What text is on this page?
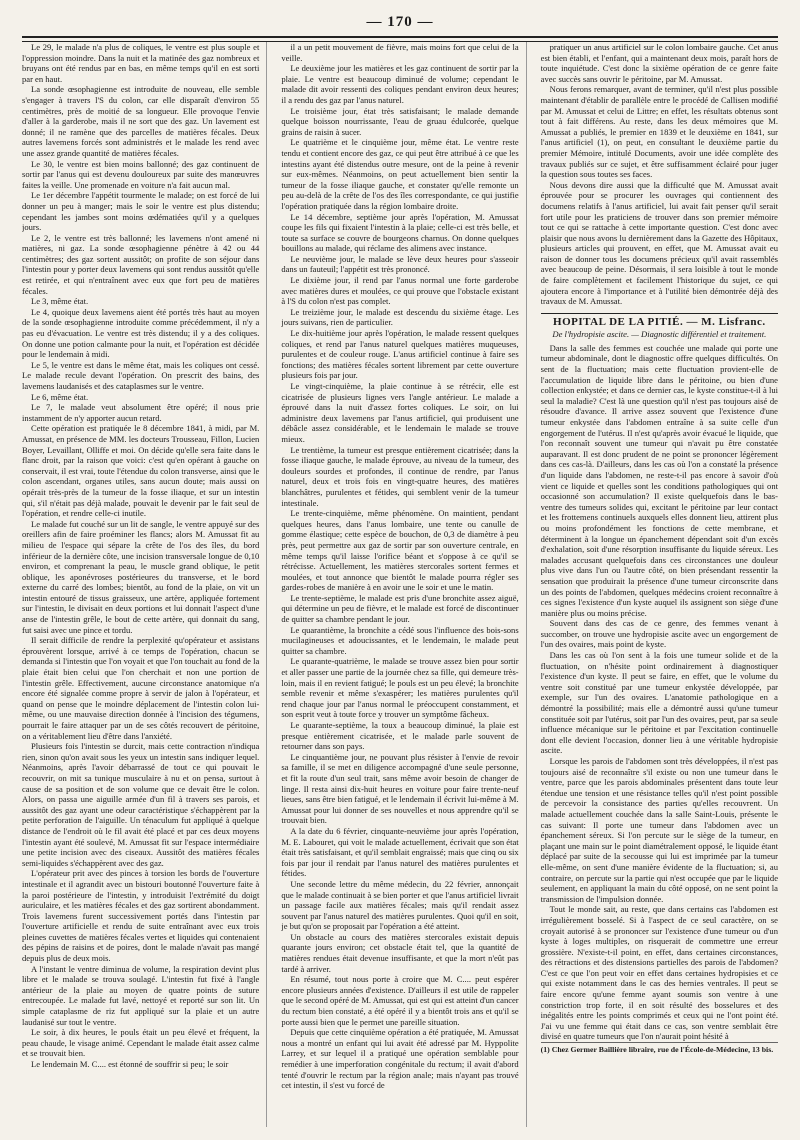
— 170 —

Le 29, le malade n'a plus de coliques, le ventre est plus souple et l'oppression moindre. Dans la nuit et la matinée des gaz nombreux et bruyans ont été rendus par en bas, en même temps qu'il en est sorti par en haut.

La sonde œsophagienne est introduite de nouveau, elle semble s'engager à travers l'S du colon, car elle disparaît d'environ 55 centimètres, près de moitié de sa longueur. Elle provoque l'envie d'aller à la garderobe, mais il ne sort que des gaz. Un lavement est donné; il ne ramène que des parcelles de matières fécales. Deux autres lavemens forcés sont administrés et le malade les rend avec une assez grande quantité de matières fécales.

Le 30, le ventre est bien moins ballonné; des gaz continuent de sortir par l'anus qui est devenu douloureux par suite des manœuvres faites la veille. Une promenade en voiture n'a fait aucun mal.

Le 1er décembre l'appétit tourmente le malade; on est forcé de lui donner un peu à manger; mais le soir le ventre est plus distendu; cependant les jambes sont moins œdématiées qu'il y a quelques jours.

Le 2, le ventre est très ballonné; les lavemens n'ont amené ni matières, ni gaz. La sonde œsophagienne pénètre à 42 ou 44 centimètres; des gaz sortent aussitôt; on profite de son séjour dans l'intestin pour y porter deux lavemens qui sont rendus aussitôt qu'elle est retirée, et qui n'entraînent avec eux que fort peu de matières fécales.

Le 3, même état.

Le 4, quoique deux lavemens aient été portés très haut au moyen de la sonde œsophagienne introduite comme précédemment, il n'y a pas eu d'évacuation. Le ventre est très distendu; il y a des coliques. On donne une potion calmante pour la nuit, et l'opération est décidée pour le lendemain à midi.

Le 5, le ventre est dans le même état, mais les coliques ont cessé. Le malade recule devant l'opération. On prescrit des bains, des lavemens laudanisés et des cataplasmes sur le ventre.

Le 6, même état.

Le 7, le malade veut absolument être opéré; il nous prie instamment de n'y apporter aucun retard.

Cette opération est pratiquée le 8 décembre 1841, à midi, par M. Amussat, en présence de MM. les docteurs Trousseau, Fillon, Lucien Boyer, Levaillant, Olliffe et moi. On décide qu'elle sera faite dans le flanc droit, par la raison que voici: c'est qu'en opérant à gauche on conservait, il est vrai, toute l'étendue du colon transverse, ainsi que le colon ascendant, organes utiles, sans aucun doute; mais aussi on opérait très-près de la tumeur de la fosse iliaque, et sur un intestin qui, s'il n'était pas déjà malade, pouvait le devenir par le fait seul de l'opération, et rendre celle-ci inutile.

Le malade fut couché sur un lit de sangle, le ventre appuyé sur des oreillers afin de faire proéminer les flancs; alors M. Amussat fit au milieu de l'espace qui sépare la crête de l'os des îles, du bord inférieur de la dernière côte, une incision transversale longue de 0,10 environ, et comprenant la peau, le muscle grand oblique, le petit oblique, les aponévroses postérieures du transverse, et le bord externe du carré des lombes; bientôt, au fond de la plaie, on vit un intestin entouré de tissus graisseux, une artère, appliquée fortement sur l'intestin, le divisait en deux portions et lui donnait l'aspect d'une anse de l'intestin grêle, le bout de cette artère, qui donnait du sang, fut saisi avec une pince et tordu.

Il serait difficile de rendre la perplexité qu'opérateur et assistans éprouvèrent lorsque, arrivé à ce temps de l'opération, chacun se demanda si l'intestin que l'on voyait et que l'on touchait au fond de la plaie était bien celui que l'on cherchait et non une portion de l'intestin grêle. Effectivement, aucune circonstance anatomique n'a encore été signalée comme propre à servir de jalon à l'opérateur, et quand on pense que le moindre déplacement de l'intestin colon lui-même, ou une mauvaise direction donnée à l'incision des tégumens, pourrait le faire attaquer par un de ses côtés recouvert de péritoine, on a véritablement lieu d'être dans l'anxiété.

Plusieurs fois l'intestin se durcit, mais cette contraction n'indiqua rien, sinon qu'on avait sous les yeux un intestin sans indiquer lequel. Néanmoins, après l'avoir débarrassé de tout ce qui pouvait le recouvrir, on mit sa tunique musculaire à nu et on pensa, surtout à cause de sa position et de son volume que ce devait être le colon. Alors, on passa une aiguille armée d'un fil à travers ses parois, et aussitôt des gaz ayant une odeur caractéristique s'échappèrent par la petite perforation de l'aiguille. Un ténaculum fut appliqué à quelque distance de l'endroit où le fil avait été placé et par ces deux moyens l'intestin ayant été soulevé, M. Amussat fit sur l'espace intermédiaire une petite incision avec des ciseaux. Aussitôt des matières fécales semi-liquides s'échappèrent avec des gaz.

L'opérateur prit avec des pinces à torsion les bords de l'ouverture intestinale et il agrandit avec un bistouri boutonné l'ouverture faite à la paroi postérieure de l'intestin, y introduisit l'extrémité du doigt auriculaire, et les matières fécales et des gaz sortirent abondamment. Trois lavemens furent successivement portés dans l'intestin par l'ouverture artificielle et rendu de suite entraînant avec eux trois pleines cuvettes de matières fécales vertes et liquides qui contenaient des pépins de raisins et de poires, dont le malade n'avait pas mangé depuis plus de deux mois.

A l'instant le ventre diminua de volume, la respiration devint plus libre et le malade se trouva soulagé. L'intestin fut fixé à l'angle antérieur de la plaie au moyen de quatre points de suture entrecoupée. Le malade fut lavé, nettoyé et reporté sur son lit. Un simple cataplasme de riz fut appliqué sur la plaie et un autre laudanisé sur tout le ventre.

Le soir, à dix heures, le pouls était un peu élevé et fréquent, la peau chaude, le visage animé. Cependant le malade était assez calme et se trouvait bien.

Le lendemain M. C.... est étonné de souffrir si peu; le soir

il a un petit mouvement de fièvre, mais moins fort que celui de la veille.

Le deuxième jour les matières et les gaz continuent de sortir par la plaie. Le ventre est beaucoup diminué de volume; cependant le malade dit avoir ressenti des coliques pendant environ deux heures; il a rendu des gaz par l'anus naturel.

Le troisième jour, état très satisfaisant; le malade demande quelque boisson nourrissante, l'eau de gruau édulcorée, quelque grains de raisin à sucer.

Le quatrième et le cinquième jour, même état. Le ventre reste tendu et contient encore des gaz, ce qui peut être attribué à ce que les intestins ayant été distendus outre mesure, ont de la peine à revenir sur eux-mêmes. Néanmoins, on peut actuellement bien sentir la tumeur de la fosse iliaque gauche, et constater qu'elle remonte un peu au-delà de la crête de l'os des îles correspondante, ce qui justifie l'opération pratiquée dans la région lombaire droite.

Le 14 décembre, septième jour après l'opération, M. Amussat coupe les fils qui fixaient l'intestin à la plaie; celle-ci est très belle, et toute sa surface se couvre de bourgeons charnus. On donne quelques bouillons au malade, qui réclame des alimens avec instance.

Le neuvième jour, le malade se lève deux heures pour s'asseoir dans un fauteuil; l'appétit est très prononcé.

Le dixième jour, il rend par l'anus normal une forte garderobe avec matières dures et moulées, ce qui prouve que l'obstacle existant à l'S du colon n'est pas complet.

Le treizième jour, le malade est descendu du sixième étage. Les jours suivans, rien de particulier.

Le dix-huitième jour après l'opération, le malade ressent quelques coliques, et rend par l'anus naturel quelques matières muqueuses, purulentes et de couleur rouge. L'anus artificiel continue à faire ses fonctions; des matières fécales sortent librement par cette ouverture plusieurs fois par jour.

Le vingt-cinquième, la plaie continue à se rétrécir, elle est cicatrisée de plusieurs lignes vers l'angle antérieur. Le malade a éprouvé dans la nuit d'assez fortes coliques. Le soir, on lui administre deux lavemens par l'anus artificiel, qui produisent une débâcle assez considérable, et le lendemain le malade se trouve mieux.

Le trentième, la tumeur est presque entièrement cicatrisée; dans la fosse iliaque gauche, le malade éprouve, au niveau de la tumeur, des douleurs sourdes et profondes, il continue de rendre, par l'anus naturel, deux et trois fois en vingt-quatre heures, des matières blanchâtres, purulentes et fétides, qui semblent venir de la tumeur intestinale.

Le trente-cinquième, même phénomène. On maintient, pendant quelques heures, dans l'anus lombaire, une tente ou canulle de gomme élastique; cette espèce de bouchon, de 0,3 de diamètre à peu près, peut permettre aux gaz de sortir par son ouverture centrale, en même temps qu'il laisse l'orifice béant et s'oppose à ce qu'il se rétrécisse. Actuellement, les matières stercorales sortent fermes et moulées, et tout annonce que bientôt le malade pourra régler ses gardes-robes de manière à en avoir une le soir et une le matin.

Le trente-septième, le malade est pris d'une bronchite assez aiguë, qui détermine un peu de fièvre, et le malade est forcé de discontinuer de quitter sa chambre pendant le jour.

Le quarantième, la bronchite a cédé sous l'influence des bois-sons mucilagineuses et adoucissantes, et le lendemain, le malade peut quitter sa chambre.

Le quarante-quatrième, le malade se trouve assez bien pour sortir et aller passer une partie de la journée chez sa fille, qui demeure très-loin, mais il en revient fatigué; le pouls est un peu élevé; la bronchite semble revenir et même s'exaspérer; les matières purulentes qu'il rend chaque jour par l'anus normal le préoccupent constamment, et son esprit veut à toute force y trouver un symptôme fâcheux.

Le quarante-septième, la toux a beaucoup diminué, la plaie est presque entièrement cicatrisée, et le malade parle souvent de retourner dans son pays.

Le cinquantième jour, ne pouvant plus résister à l'envie de revoir sa famille, il se met en diligence accompagné d'une seule personne, et fit la route d'un seul trait, sans même avoir besoin de changer de linge. Il resta ainsi dix-huit heures en voiture pour faire trente-neuf lieues, sans être bien fatigué, et le lendemain il écrivit lui-même à M. Amussat pour lui donner de ses nouvelles et nous apprendre qu'il se trouvait bien.

A la date du 6 février, cinquante-neuvième jour après l'opération, M. E. Labouret, qui voit le malade actuellement, écrivait que son état était très satisfaisant, et qu'il semblait engraissé; mais que cinq ou six fois par jour il rendait par l'anus naturel des matières purulentes et fétides.

Une seconde lettre du même médecin, du 22 février, annonçait que le malade continuait à se bien porter et que l'anus artificiel livrait un passage facile aux matières fécales; mais qu'il rendait assez souvent par l'anus naturel des matières purulentes. Quoi qu'il en soit, je but qu'on se proposait par l'opération a été atteint.

Un obstacle au cours des matières stercorales existait depuis quarante jours environ; cet obstacle était tel, que la quantité de matières rendues était devenue insuffisante, et que la mort n'eût pas tardé à arriver.

En résumé, tout nous porte à croire que M. C.... peut espérer encore plusieurs années d'existence. D'ailleurs il est utile de rappeler que le second opéré de M. Amussat, qui est qui est atteint d'un cancer du rectum bien constaté, a été opéré il y a bientôt trois ans et qu'il se porte aussi bien que le permet une pareille situation.

Depuis que cette cinquième opération a été pratiquée, M. Amussat nous a montré un enfant qui lui avait été adressé par M. Hyppolite Larrey, et sur lequel il a pratiqué une opération semblable pour remédier à une imperforation congénitale du rectum; il avait d'abord tenté d'ouvrir le rectum par la région anale; mais n'ayant pas trouvé cet intestin, il s'est vu forcé de

pratiquer un anus artificiel sur le colon lombaire gauche. Cet anus est bien établi, et l'enfant, qui a maintenant deux mois, paraît hors de toute inquiétude. C'est donc la sixième opération de ce genre faite avec succès sans ouvrir le péritoine, par M. Amussat.

Nous ferons remarquer, avant de terminer, qu'il n'est plus possible maintenant d'établir de parallèle entre le procédé de Callisen modifié par M. Amussat et celui de Littre; en effet, les résultats obtenus sont tout à fait différens. Au reste, dans les deux mémoires que M. Amussat a publiés, le premier en 1839 et le deuxième en 1841, sur l'anus artificiel (1), on peut, en consultant le deuxième partie du premier Mémoire, intitulé Documents, avoir une idée complète des travaux publiés sur ce sujet, et être suffisamment éclairé pour juger la question sous toutes ses faces.

Nous devons dire aussi que la difficulté que M. Amussat avait éprouvée pour se procurer les ouvrages qui contiennent des documens relatifs à l'anus artificiel, lui avait fait penser qu'il serait fort utile pour les praticiens de trouver dans son premier mémoire tout ce qui se rattache à cette importante question. C'est donc avec plaisir que nous avons lu dernièrement dans la Gazette des Hôpitaux, plusieurs articles qui prouvent, en effet, que M. Amussat avait eu raison de donner tous les documens précieux qu'il avait rassemblés avec beaucoup de peine. Désormais, il sera loisible à tout le monde de faire complètement et facilement l'historique du sujet, ce qui ajoutera encore à l'importance et à l'utilité bien démontrée déjà des travaux de M. Amussat.

HOPITAL DE LA PITIÉ. — M. Lisfranc.
De l'hydropisie ascite. — Diagnostic différentiel et traitement.

Dans la salle des femmes est couchée une malade qui porte une tumeur abdominale, dont le diagnostic offre quelques difficultés. On sent de la fluctuation; mais cette fluctuation provient-elle de l'accumulation de liquide libre dans le péritoine, ou bien d'une collection enkystée; et dans ce dernier cas, le kyste constitue-t-il à lui seul la maladie? C'est là une question qu'il n'est pas toujours aisé de résoudre d'avance. Il arrive assez souvent que l'existence d'une tumeur enkystée dans l'abdomen entraîne à sa suite celle d'un engorgement de l'utérus. Il n'est qu'après avoir évacué le liquide, que l'on reconnaît souvent une tumeur qui n'avait pu être constatée auparavant. Il est donc prudent de ne point se prononcer légèrement dans ces cas-là. D'ailleurs, dans les cas où l'on a constaté la présence d'un liquide dans l'abdomen, ne reste-t-il pas encore à savoir d'où vient ce liquide et quelles sont les conditions pathologiques qui ont occasionné son accumulation? Il existe quelquefois dans le bas-ventre des tumeurs solides qui, excitant le péritoine par leur contact et les frottemens continuels auxquels elles donnent lieu, attirent plus ou moins profondément les fonctions de cette membrane, et déterminent à la longue un épanchement dépendant soit d'un excès d'exhalation, soit d'une résorption insuffisante du liquide séreux. Les malades accusant quelquefois dans ces circonstances une douleur plus vive dans l'un ou l'autre côté, on bien présendant ressentir la sensation que produirait la présence d'une tumeur circonscrite dans un des points de l'abdomen, quelques médecins croient reconnaître à ces signes l'existence d'un kyste auquel ils assignent son siège d'une manière plus ou moins précise.

Souvent dans des cas de ce genre, des femmes venant à succomber, on trouve une hydropisie ascite avec un engorgement de l'un des ovaires, mais point de kyste.

Dans les cas où l'on sent à la fois une tumeur solide et de la fluctuation, on n'hésite point ordinairement à diagnostiquer l'existence d'un kyste. Il peut se faire, en effet, que le volume du ventre soit constitué par une tumeur enkystée développée, par exemple, sur l'un des ovaires. L'anatomie pathologique en a démontré la possibilité; mais elle a démontré aussi qu'une tumeur constituée soit par l'utérus, soit par l'un des ovaires, peut, par sa seule influence mécanique sur le péritoine et par l'excitation continuelle dont elle devient l'occasion, donner lieu à une véritable hydropisie ascite.

Lorsque les parois de l'abdomen sont très développées, il n'est pas toujours aisé de reconnaître s'il existe ou non une tumeur dans le ventre, parce que les parois abdominales présentent dans toute leur étendue une tension et une résistance telles qu'il n'est point possible de percevoir la consistance des parties qu'elles recouvrent. Un malade actuellement couchée dans la salle Saint-Louis, présente le cas suivant: Il porte une tumeur dans l'abdomen avec un épanchement séreux. Si l'on percute sur le siège de la tumeur, en plaçant une main sur le point diamétralement opposé, le liquide étant déplacé par suite de la secousse qui lui est imprimée par la tumeur elle-même, on sent d'une manière évidente de la fluctuation; si, au contraire, on percute sur la partie qui n'est occupée que par le liquide seulement, en appliquant la main du côté opposé, on ne sent point la transmission de l'impulsion donnée.

Tout le monde sait, au reste, que dans certains cas l'abdomen est irrégulièrement bosselé. Si à l'aspect de ce seul caractère, on se croyait autorisé à se prononcer sur l'existence d'une tumeur ou d'un kyste à loges multiples, on risquerait de commettre une erreur grossière. N'existe-t-il point, en effet, dans certaines circonstances, des rétractions et des distensions partielles des parois de l'abdomen? C'est ce que l'on peut voir en effet dans certaines hydropisies et ce qui existe notamment dans le cas des hernies ventrales. Il peut se faire encore qu'une femme ayant soumis son ventre à une constriction trop forte, il en soit résulté des bosselures et des inégalités entre les points comprimés et ceux qui ne l'ont point été. J'ai vu une femme qui était dans ce cas, son ventre semblait être divisé en quatre tumeurs que l'on n'aurait point hésité à

(1) Chez Germer Baillière libraire, rue de l'École-de-Médecine, 13 bis.
